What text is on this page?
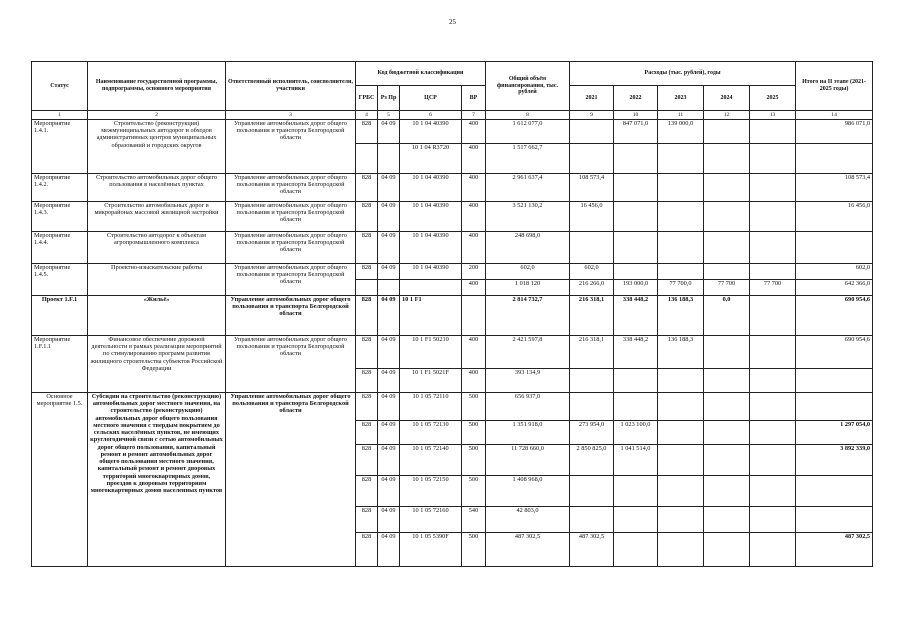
25
Статус	Наименование государственной программы, подпрограммы, основного мероприятия	Ответственный исполнитель, соисполнители, участники	Код бюджетной классификации				Общий объём финансирования, тыс. рублей	Расходы (тыс. рублей), годы					Итого на II этапе (2021-2025 годы)
			ГРБС	Рз Пр	ЦСР	ВР		2021	2022	2023	2024	2025	
1	2	3	4	5	6	7	8	9	10	11	12	13	14
Мероприятие 1.4.1.	Строительство (реконструкция) межмуниципальных автодорог и обходов административных центров муниципальных образований и городских округов	Управление автомобильных дорог общего пользования и транспорта Белгородской области	828	04 09	10 1 04 40390	400	1 612 077,0		847 071,0	139 000,0			986 071,0
					10 1 04 R3720	400	1 517 662,7						
Мероприятие 1.4.2.	Строительство автомобильных дорог общего пользования в населённых пунктах	Управление автомобильных дорог общего пользования и транспорта Белгородской области	828	04 09	10 1 04 40390	400	2 961 637,4	108 573,4					108 573,4
Мероприятие 1.4.3.	Строительство автомобильных дорог в микрорайонах массовой жилищной застройки	Управление автомобильных дорог общего пользования и транспорта Белгородской области	828	04 09	10 1 04 40390	400	3 521 130,2	16 456,0					16 456,0
Мероприятие 1.4.4.	Строительство автодорог к объектам агропромышленного комплекса	Управление автомобильных дорог общего пользования и транспорта Белгородской области	828	04 09	10 1 04 40390	400	248 698,0						
Мероприятие 1.4.5.	Проектно-изыскательские работы	Управление автомобильных дорог общего пользования и транспорта Белгородской области	828	04 09	10 1 04 40390	200	602,0	602,0					602,0
						400	1 018 120	216 266,0	193 000,0	77 700,0	77 700	77 700	642 366,0
Проект 1.F.1	«Жильё»	Управление автомобильных дорог общего пользования и транспорта Белгородской области	828	04 09	10 1 F1		2 814 732,7	216 318,1	338 448,2	136 188,3	0,0		690 954,6
Мероприятие 1.F.1.1	Финансовое обеспечение дорожной деятельности в рамках реализации мероприятий по стимулированию программ развития жилищного строительства субъектов Российской Федерации	Управление автомобильных дорог общего пользования и транспорта Белгородской области	828	04 09	10 1 F1 50210	400	2 421 597,8	216 318,1	338 448,2	136 188,3			690 954,6
			828	04 09	10 1 F1 5021F	400	393 134,9						
Основное мероприятие 1.5.	Субсидии на строительство (реконструкцию) автомобильных дорог местного значения, на строительство (реконструкцию) автомобильных дорог общего пользования местного значения с твердым покрытием до сельских населённых пунктов, не имеющих круглогодичной связи с сетью автомобильных дорог общего пользования, капитальный ремонт и ремонт автомобильных дорог общего пользования местного значения, капитальный ремонт и ремонт дворовых территорий многоквартирных домов, проездов к дворовым территориям многоквартирных домов населенных пунктов	Управление автомобильных дорог общего пользования и транспорта Белгородской области	828	04 09	10 1 05 72110	500	656 937,0						
			828	04 09	10 1 05 72130	500	1 351 918,0	273 954,0	1 023 100,0				1 297 054,0
			828	04 09	10 1 05 72140	500	11 728 660,0	2 850 825,0	1 041 514,0				3 892 339,0
			828	04 09	10 1 05 72150	500	1 408 968,0						
			828	04 09	10 1 05 72160	540	42 803,0						
			828	04 09	10 1 05 5390F	500	487 302,5	487 302,5					487 302,5
